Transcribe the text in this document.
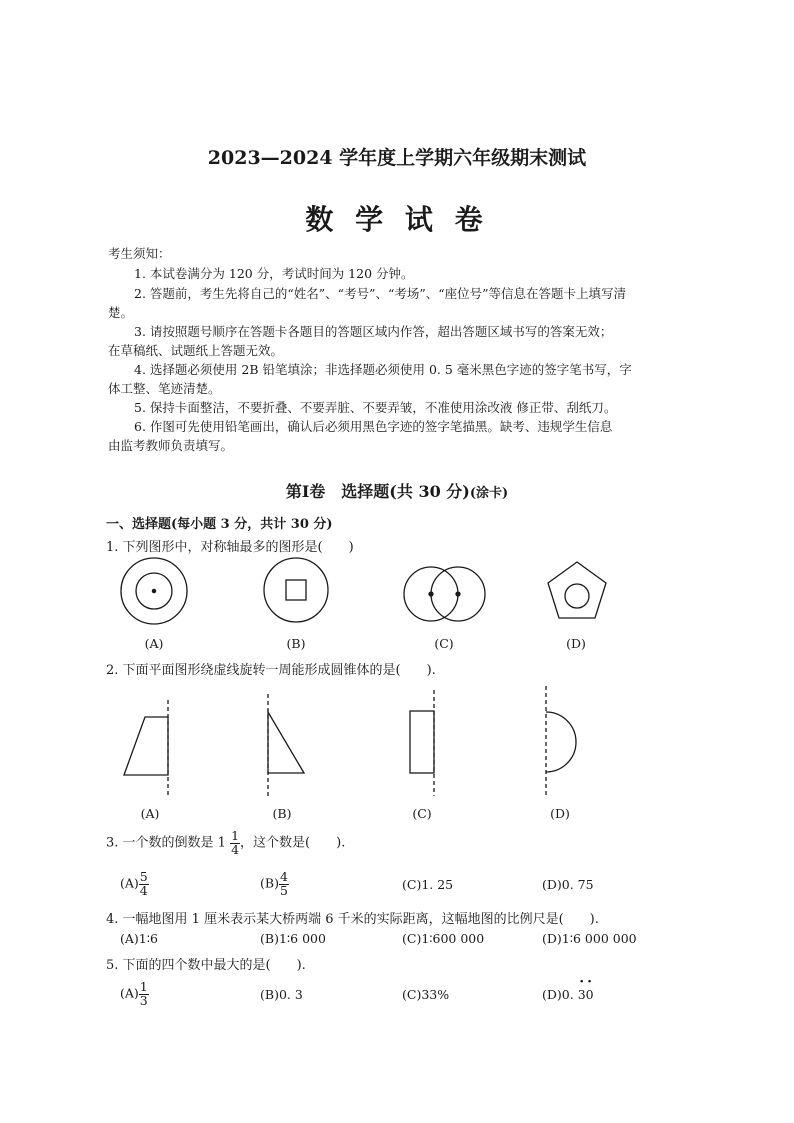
2023—2024 学年度上学期六年级期末测试
数 学 试 卷
考生须知：
1. 本试卷满分为 120 分，考试时间为 120 分钟。
2. 答题前，考生先将自己的“姓名”、“考号”、“考场”、“座位号”等信息在答题卡上填写清
楚。
3. 请按照题号顺序在答题卡各题目的答题区域内作答，超出答题区域书写的答案无效；
在草稿纸、试题纸上答题无效。
4. 选择题必须使用 2B 铅笔填涂；非选择题必须使用 0. 5 毫米黑色字迹的签字笔书写，字
体工整、笔迹清楚。
5. 保持卡面整洁，不要折叠、不要弄脏、不要弄皱，不准使用涂改液 修正带、刮纸刀。
6. 作图可先使用铅笔画出，确认后必须用黑色字迹的签字笔描黑。缺考、违规学生信息
由监考教师负责填写。
第Ⅰ卷　选择题(共 30 分)(涂卡)
一、选择题(每小题 3 分，共计 30 分)
1. 下列图形中，对称轴最多的图形是(　　)
(A)	(B)	(C)	(D)
2. 下面平面图形绕虚线旋转一周能形成圆锥体的是(　　).
(A)	(B)	(C)	(D)
3. 一个数的倒数是 $1 \frac{1}{4}$ ，这个数是(　　).
$(A) \frac{5}{4}$	$(B) \frac{4}{5}$	(C)1. 25	(D)0. 75
4. 一幅地图用 1 厘米表示某大桥两端 6 千米的实际距离，这幅地图的比例尺是(　　).
(A)1∶6	(B)1∶6 000	(C)1∶600 000	(D)1∶6 000 000
5. 下面的四个数中最大的是(　　).
$(A) \frac{1}{3}$	(B)0. 3	(C)33%	(D)0. · 3· 0
